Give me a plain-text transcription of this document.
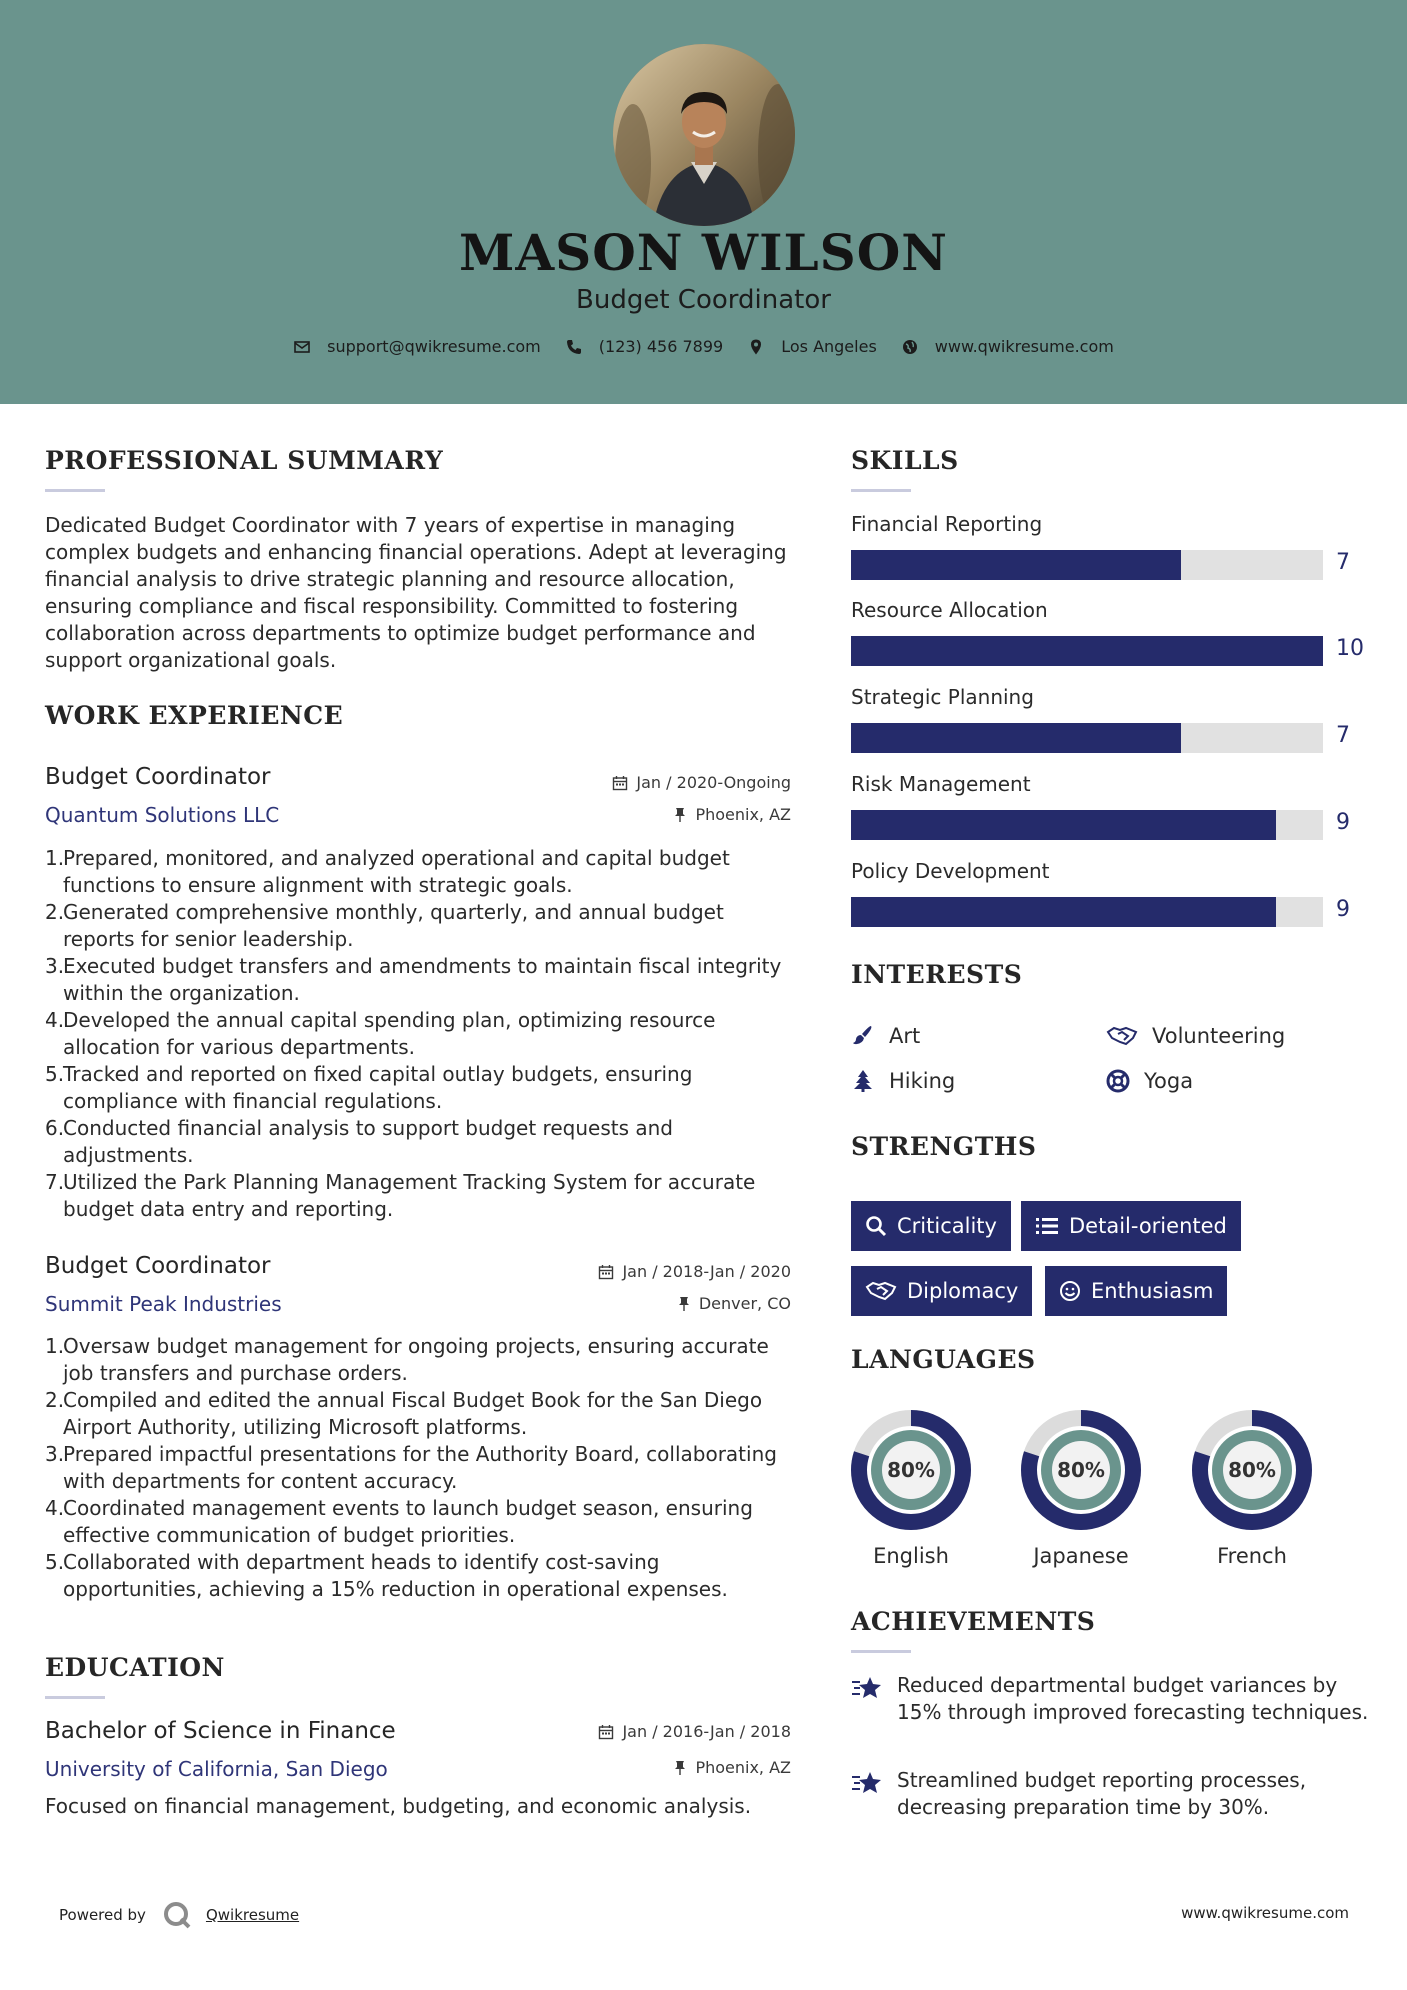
MASON WILSON
Budget Coordinator
support@qwikresume.com	(123) 456 7899	Los Angeles	www.qwikresume.com
PROFESSIONAL SUMMARY
Dedicated Budget Coordinator with 7 years of expertise in managing complex budgets and enhancing financial operations. Adept at leveraging financial analysis to drive strategic planning and resource allocation, ensuring compliance and fiscal responsibility. Committed to fostering collaboration across departments to optimize budget performance and support organizational goals.
WORK EXPERIENCE
Budget Coordinator	Jan / 2020-Ongoing
Quantum Solutions LLC	Phoenix, AZ
Prepared, monitored, and analyzed operational and capital budget functions to ensure alignment with strategic goals.
Generated comprehensive monthly, quarterly, and annual budget reports for senior leadership.
Executed budget transfers and amendments to maintain fiscal integrity within the organization.
Developed the annual capital spending plan, optimizing resource allocation for various departments.
Tracked and reported on fixed capital outlay budgets, ensuring compliance with financial regulations.
Conducted financial analysis to support budget requests and adjustments.
Utilized the Park Planning Management Tracking System for accurate budget data entry and reporting.
Budget Coordinator	Jan / 2018-Jan / 2020
Summit Peak Industries	Denver, CO
Oversaw budget management for ongoing projects, ensuring accurate job transfers and purchase orders.
Compiled and edited the annual Fiscal Budget Book for the San Diego Airport Authority, utilizing Microsoft platforms.
Prepared impactful presentations for the Authority Board, collaborating with departments for content accuracy.
Coordinated management events to launch budget season, ensuring effective communication of budget priorities.
Collaborated with department heads to identify cost-saving opportunities, achieving a 15% reduction in operational expenses.
EDUCATION
Bachelor of Science in Finance	Jan / 2016-Jan / 2018
University of California, San Diego	Phoenix, AZ
Focused on financial management, budgeting, and economic analysis.
SKILLS
Financial Reporting
7
Resource Allocation
10
Strategic Planning
7
Risk Management
9
Policy Development
9
INTERESTS
Art	Volunteering
Hiking	Yoga
STRENGTHS
Criticality	Detail-oriented
Diplomacy	Enthusiasm
LANGUAGES
80%
English
80%
Japanese
80%
French
ACHIEVEMENTS
Reduced departmental budget variances by 15% through improved forecasting techniques.
Streamlined budget reporting processes, decreasing preparation time by 30%.
Powered by	Qwikresume	www.qwikresume.com
